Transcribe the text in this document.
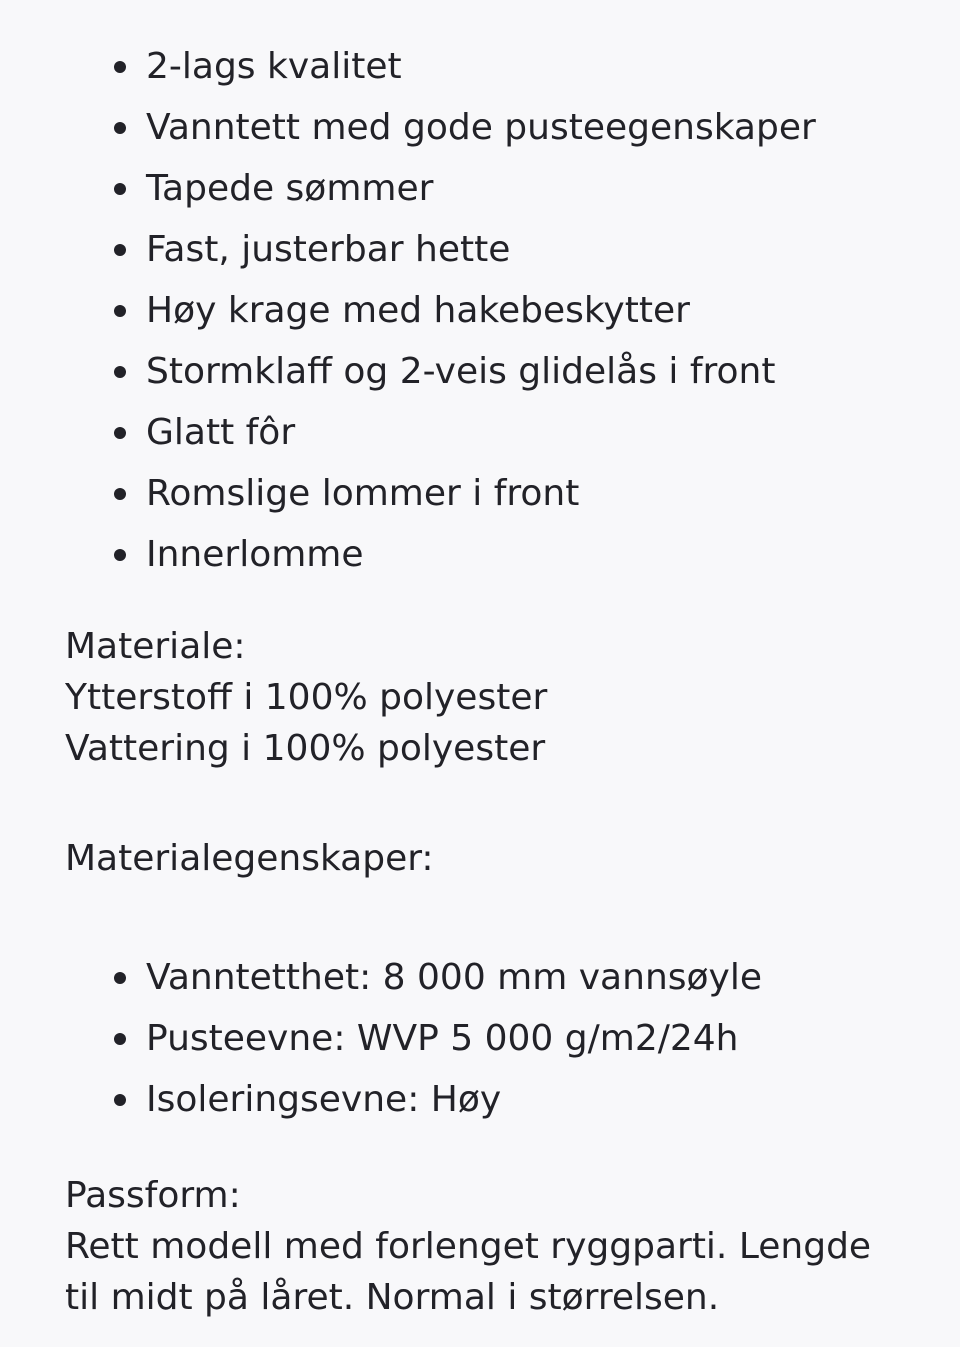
2-lags kvalitet
Vanntett med gode pusteegenskaper
Tapede sømmer
Fast, justerbar hette
Høy krage med hakebeskytter
Stormklaff og 2-veis glidelås i front
Glatt fôr
Romslige lommer i front
Innerlomme

Materiale:

Ytterstoff i 100% polyester

Vattering i 100% polyester

Materialegenskaper:

Vanntetthet: 8 000 mm vannsøyle
Pusteevne: WVP 5 000 g/m2/24h
Isoleringsevne: Høy

Passform:

Rett modell med forlenget ryggparti. Lengde

til midt på låret. Normal i størrelsen.
